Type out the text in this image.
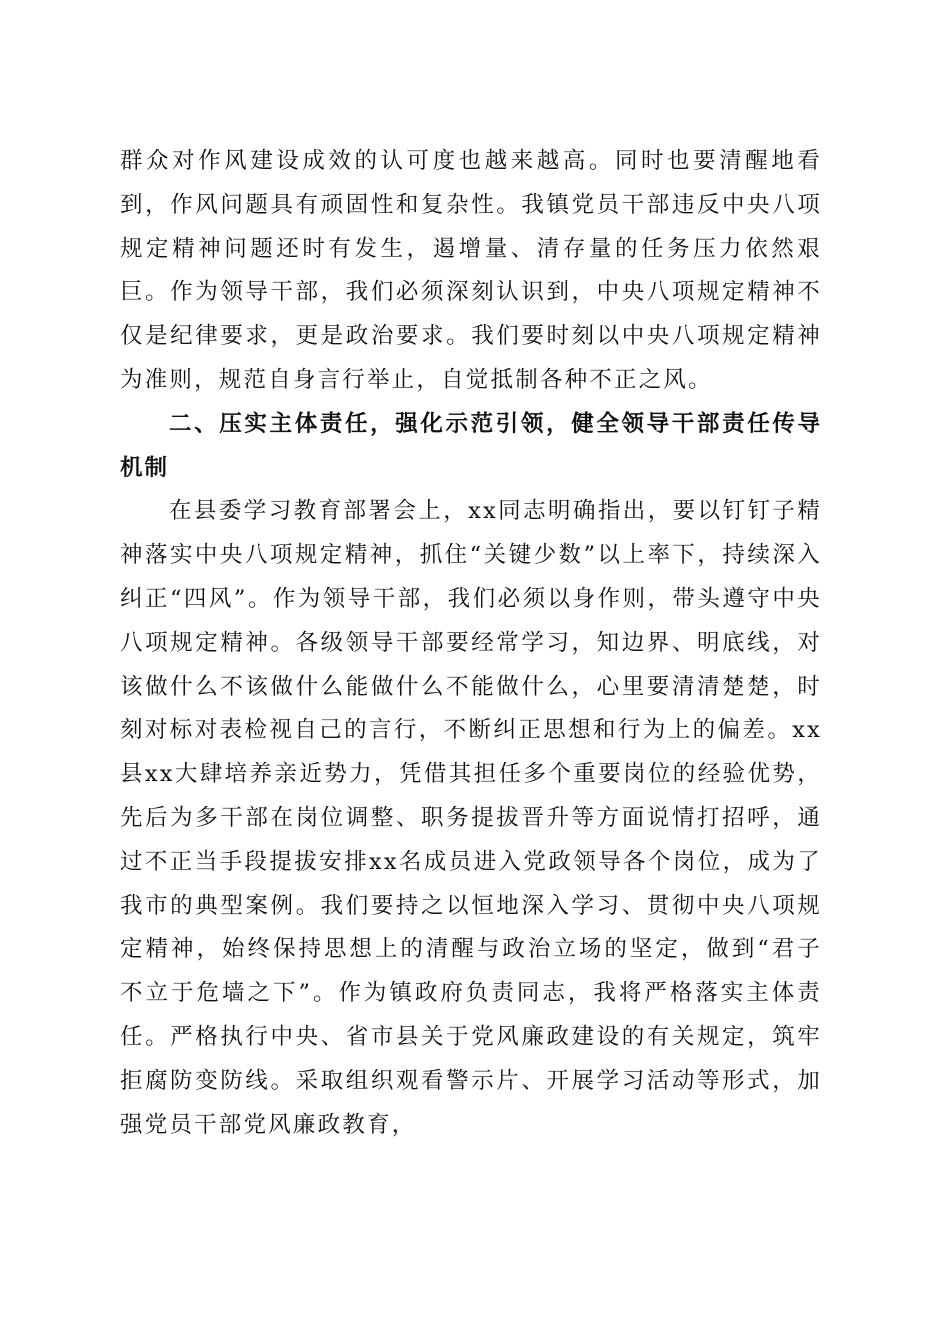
群众对作风建设成效的认可度也越来越高。同时也要清醒地看到，作风问题具有顽固性和复杂性。我镇党员干部违反中央八项规定精神问题还时有发生，遏增量、清存量的任务压力依然艰巨。作为领导干部，我们必须深刻认识到，中央八项规定精神不仅是纪律要求，更是政治要求。我们要时刻以中央八项规定精神为准则，规范自身言行举止，自觉抵制各种不正之风。

二、压实主体责任，强化示范引领，健全领导干部责任传导机制

在县委学习教育部署会上，xx同志明确指出，要以钉钉子精神落实中央八项规定精神，抓住“关键少数”以上率下，持续深入纠正“四风”。作为领导干部，我们必须以身作则，带头遵守中央八项规定精神。各级领导干部要经常学习，知边界、明底线，对该做什么不该做什么能做什么不能做什么，心里要清清楚楚，时刻对标对表检视自己的言行，不断纠正思想和行为上的偏差。xx县xx大肆培养亲近势力，凭借其担任多个重要岗位的经验优势，先后为多干部在岗位调整、职务提拔晋升等方面说情打招呼，通过不正当手段提拔安排xx名成员进入党政领导各个岗位，成为了我市的典型案例。我们要持之以恒地深入学习、贯彻中央八项规定精神，始终保持思想上的清醒与政治立场的坚定，做到“君子不立于危墙之下”。作为镇政府负责同志，我将严格落实主体责任。严格执行中央、省市县关于党风廉政建设的有关规定，筑牢拒腐防变防线。采取组织观看警示片、开展学习活动等形式，加强党员干部党风廉政教育，
